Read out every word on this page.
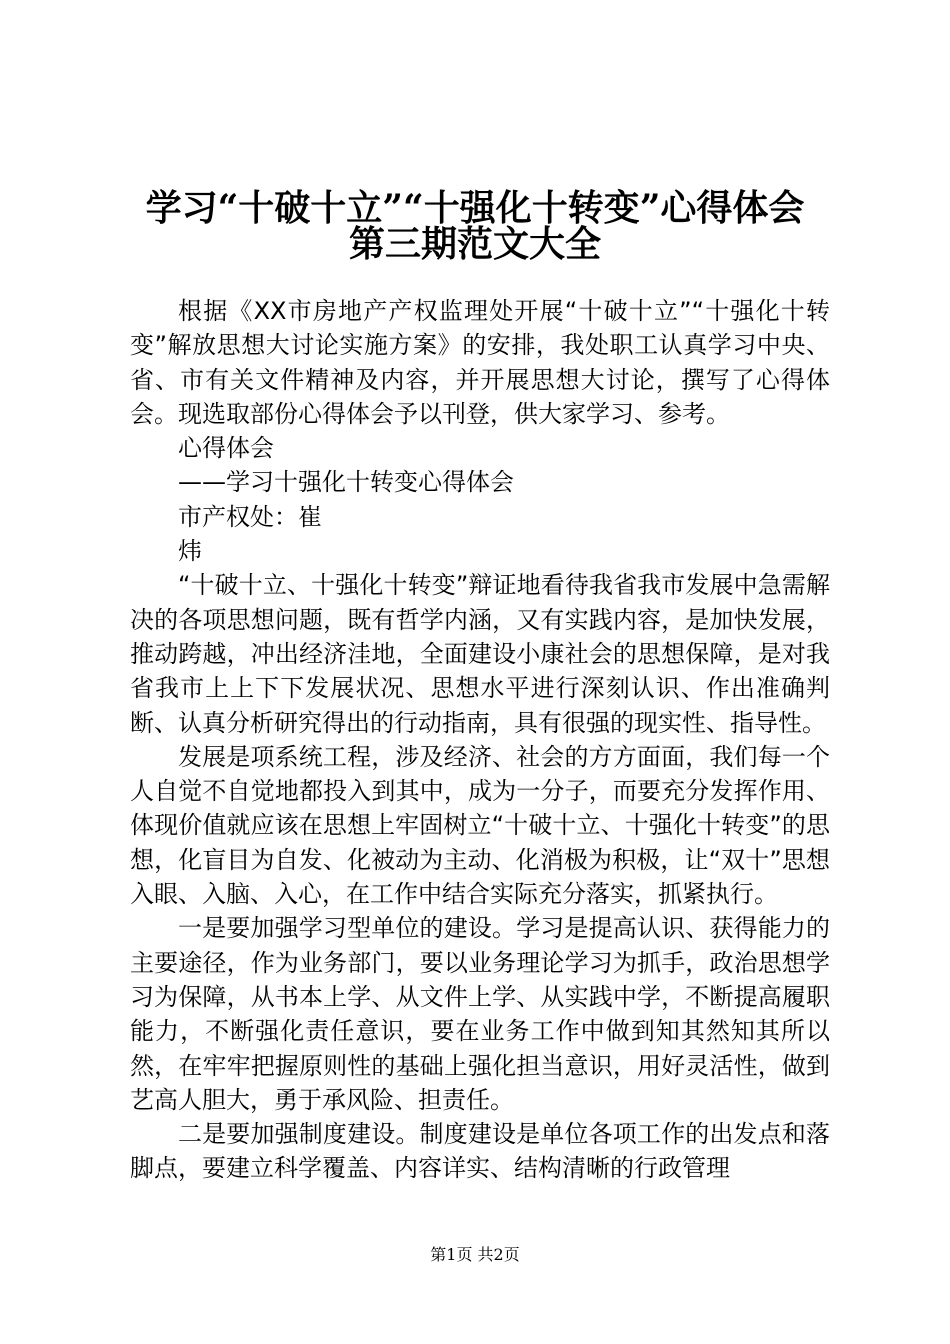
学习“十破十立”“十强化十转变”心得体会
第三期范文大全

根据《XX市房地产产权监理处开展“十破十立”“十强化十转变”解放思想大讨论实施方案》的安排，我处职工认真学习中央、省、市有关文件精神及内容，并开展思想大讨论，撰写了心得体会。现选取部份心得体会予以刊登，供大家学习、参考。

心得体会

——学习十强化十转变心得体会

市产权处：崔

炜

“十破十立、十强化十转变”辩证地看待我省我市发展中急需解决的各项思想问题，既有哲学内涵，又有实践内容，是加快发展，推动跨越，冲出经济洼地，全面建设小康社会的思想保障，是对我省我市上上下下发展状况、思想水平进行深刻认识、作出准确判断、认真分析研究得出的行动指南，具有很强的现实性、指导性。

发展是项系统工程，涉及经济、社会的方方面面，我们每一个人自觉不自觉地都投入到其中，成为一分子，而要充分发挥作用、体现价值就应该在思想上牢固树立“十破十立、十强化十转变”的思想，化盲目为自发、化被动为主动、化消极为积极，让“双十”思想入眼、入脑、入心，在工作中结合实际充分落实，抓紧执行。

一是要加强学习型单位的建设。学习是提高认识、获得能力的主要途径，作为业务部门，要以业务理论学习为抓手，政治思想学习为保障，从书本上学、从文件上学、从实践中学，不断提高履职能力，不断强化责任意识，要在业务工作中做到知其然知其所以然，在牢牢把握原则性的基础上强化担当意识，用好灵活性，做到艺高人胆大，勇于承风险、担责任。

二是要加强制度建设。制度建设是单位各项工作的出发点和落脚点，要建立科学覆盖、内容详实、结构清晰的行政管理

第1页 共2页
